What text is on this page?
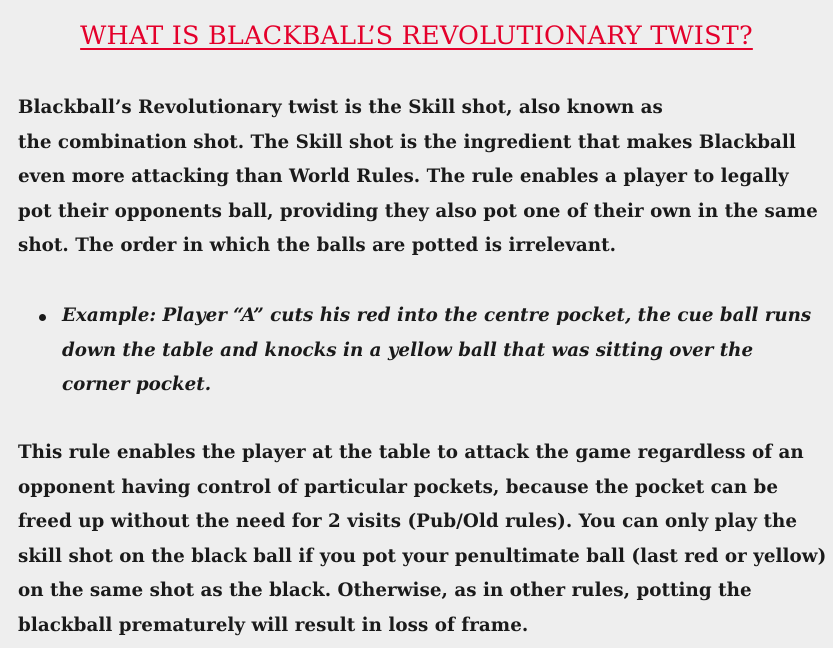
WHAT IS BLACKBALL’S REVOLUTIONARY TWIST?

Blackball’s Revolutionary twist is the Skill shot, also known as
the combination shot. The Skill shot is the ingredient that makes Blackball
even more attacking than World Rules. The rule enables a player to legally
pot their opponents ball, providing they also pot one of their own in the same
shot. The order in which the balls are potted is irrelevant.

Example: Player “A” cuts his red into the centre pocket, the cue ball runs
down the table and knocks in a yellow ball that was sitting over the
corner pocket.

This rule enables the player at the table to attack the game regardless of an
opponent having control of particular pockets, because the pocket can be
freed up without the need for 2 visits (Pub/Old rules). You can only play the
skill shot on the black ball if you pot your penultimate ball (last red or yellow)
on the same shot as the black. Otherwise, as in other rules, potting the
blackball prematurely will result in loss of frame.
